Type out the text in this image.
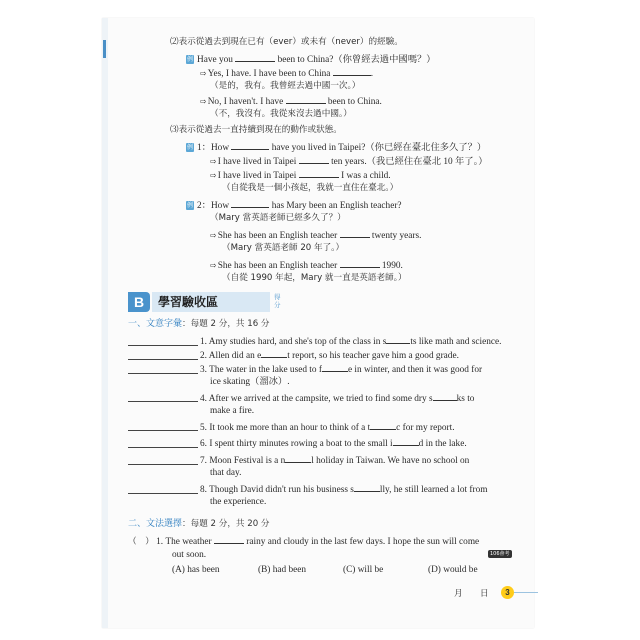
⑵表示從過去到現在已有（ever）或未有（never）的經驗。
例 Have you	been to China?（你曾經去過中國嗎？）
⇨Yes, I have. I have been to China	.
（是的，我有。我曾經去過中國一次。）
⇨No, I haven't. I have	been to China.
（不，我沒有。我從來沒去過中國。）
⑶表示從過去一直持續到現在的動作或狀態。
例 1：How	have you lived in Taipei?（你已經在臺北住多久了？）
⇨I have lived in Taipei	ten years.（我已經住在臺北 10 年了。）
⇨I have lived in Taipei	I was a child.
（自從我是一個小孩起，我就一直住在臺北。）
例 2：How	has Mary been an English teacher?
（Mary 當英語老師已經多久了？）
⇨She has been an English teacher	twenty years.
（Mary 當英語老師 20 年了。）
⇨She has been an English teacher	1990.
（自從 1990 年起，Mary 就一直是英語老師。）
B	學習驗收區	得
分
一、文意字彙：每題 2 分，共 16 分
1. Amy studies hard, and she's top of the class in s	ts like math and science.
2. Allen did an e	t report, so his teacher gave him a good grade.
3. The water in the lake used to f	e in winter, and then it was good for
ice skating（溜冰）.
4. After we arrived at the campsite, we tried to find some dry s	ks to
make a fire.
5. It took me more than an hour to think of a t	c for my report.
6. I spent thirty minutes rowing a boat to the small i	d in the lake.
7. Moon Festival is a n	l holiday in Taiwan. We have no school on
that day.
8. Though David didn't run his business s	lly, he still learned a lot from
the experience.
二、文法選擇：每題 2 分，共 20 分
（　） 1. The weather	rainy and cloudy in the last few days. I hope the sun will come
out soon.	106會考
(A) has been	(B) had been	(C) will be	(D) would be
月 日	3
